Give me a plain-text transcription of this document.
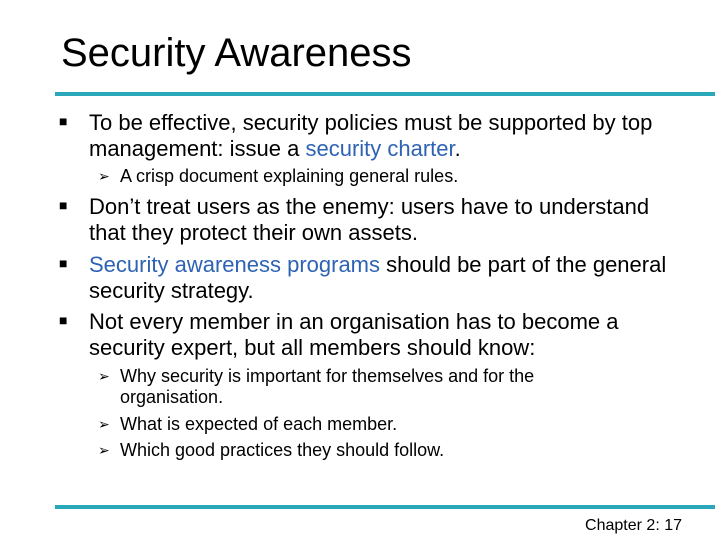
Security Awareness
■ To be effective, security policies must be supported by top management: issue a security charter.
➢ A crisp document explaining general rules.
■ Don’t treat users as the enemy: users have to understand that they protect their own assets.
■ Security awareness programs should be part of the general security strategy.
■ Not every member in an organisation has to become a security expert, but all members should know:
➢ Why security is important for themselves and for the organisation.
➢ What is expected of each member.
➢ Which good practices they should follow.
Chapter 2: 17
